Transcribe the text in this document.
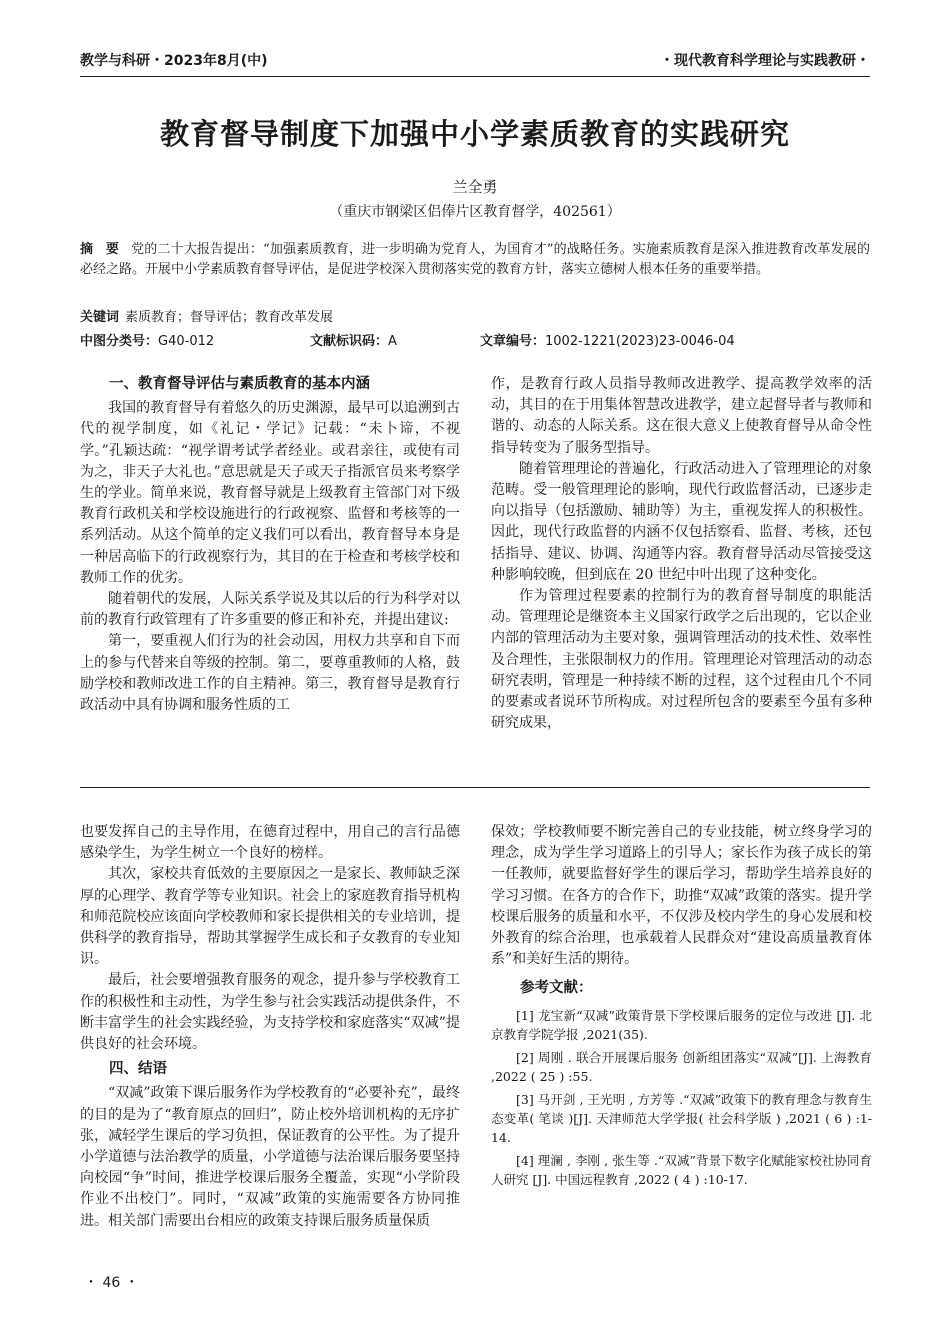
教学与科研・2023年8月(中)	・现代教育科学理论与实践教研・
教育督导制度下加强中小学素质教育的实践研究
兰全勇
（重庆市钢梁区侣俸片区教育督学，402561）
摘 要 党的二十大报告提出：“加强素质教育，进一步明确为党育人，为国育才”的战略任务。实施素质教育是深入推进教育改革发展的必经之路。开展中小学素质教育督导评估，是促进学校深入贯彻落实党的教育方针，落实立德树人根本任务的重要举措。
关键词 素质教育；督导评估；教育改革发展
中图分类号：G40-012	文献标识码：A	文章编号：1002-1221(2023)23-0046-04
一、教育督导评估与素质教育的基本内涵

我国的教育督导有着悠久的历史渊源，最早可以追溯到古代的视学制度，如《礼记・学记》记载：“未卜谛，不视学。”孔颖达疏：“视学谓考试学者经业。或君亲往，或使有司为之，非天子大礼也。”意思就是天子或天子指派官员来考察学生的学业。简单来说，教育督导就是上级教育主管部门对下级教育行政机关和学校设施进行的行政视察、监督和考核等的一系列活动。从这个简单的定义我们可以看出，教育督导本身是一种居高临下的行政视察行为，其目的在于检查和考核学校和教师工作的优劣。

随着朝代的发展，人际关系学说及其以后的行为科学对以前的教育行政管理有了许多重要的修正和补充，并提出建议:

第一，要重视人们行为的社会动因，用权力共享和自下而上的参与代替来自等级的控制。第二，要尊重教师的人格，鼓励学校和教师改进工作的自主精神。第三，教育督导是教育行政活动中具有协调和服务性质的工

作，是教育行政人员指导教师改进教学、提高教学效率的活动，其目的在于用集体智慧改进教学，建立起督导者与教师和谐的、动态的人际关系。这在很大意义上使教育督导从命令性指导转变为了服务型指导。

随着管理理论的普遍化，行政活动进入了管理理论的对象范畴。受一般管理理论的影响，现代行政监督活动，已逐步走向以指导（包括激励、辅助等）为主，重视发挥人的积极性。因此，现代行政监督的内涵不仅包括察看、监督、考核，还包括指导、建议、协调、沟通等内容。教育督导活动尽管接受这种影响较晚，但到底在 20 世纪中叶出现了这种变化。

作为管理过程要素的控制行为的教育督导制度的职能活动。管理理论是继资本主义国家行政学之后出现的，它以企业内部的管理活动为主要对象，强调管理活动的技术性、效率性及合理性，主张限制权力的作用。管理理论对管理活动的动态研究表明，管理是一种持续不断的过程，这个过程由几个不同的要素或者说环节所构成。对过程所包含的要素至今虽有多种研究成果，

也要发挥自己的主导作用，在德育过程中，用自己的言行品德感染学生，为学生树立一个良好的榜样。

其次，家校共育低效的主要原因之一是家长、教师缺乏深厚的心理学、教育学等专业知识。社会上的家庭教育指导机构和师范院校应该面向学校教师和家长提供相关的专业培训，提供科学的教育指导，帮助其掌握学生成长和子女教育的专业知识。

最后，社会要增强教育服务的观念，提升参与学校教育工作的积极性和主动性，为学生参与社会实践活动提供条件，不断丰富学生的社会实践经验，为支持学校和家庭落实“双减”提供良好的社会环境。

四、结语

“双减”政策下课后服务作为学校教育的“必要补充”，最终的目的是为了“教育原点的回归”，防止校外培训机构的无序扩张，减轻学生课后的学习负担，保证教育的公平性。为了提升小学道德与法治教学的质量，小学道德与法治课后服务要坚持向校园“争”时间，推进学校课后服务全覆盖，实现“小学阶段作业不出校门”。同时，“双减”政策的实施需要各方协同推进。相关部门需要出台相应的政策支持课后服务质量保质

保效；学校教师要不断完善自己的专业技能，树立终身学习的理念，成为学生学习道路上的引导人；家长作为孩子成长的第一任教师，就要监督好学生的课后学习，帮助学生培养良好的学习习惯。在各方的合作下，助推“双减”政策的落实。提升学校课后服务的质量和水平，不仅涉及校内学生的身心发展和校外教育的综合治理，也承载着人民群众对“建设高质量教育体系”和美好生活的期待。

参考文献：
[1] 龙宝新“双减”政策背景下学校课后服务的定位与改进 [J]. 北京教育学院学报 ,2021(35).
[2] 周刚 . 联合开展课后服务 创新组团落实“双减”[J]. 上海教育 ,2022 ( 25 ) :55.
[3] 马开剑 , 王光明 , 方芳等 .“双减”政策下的教育理念与教育生态变革( 笔谈 )[J]. 天津师范大学学报( 社会科学版 ) ,2021 ( 6 ) :1-14.
[4] 理澜 , 李刚 , 张生等 .“双减”背景下数字化赋能家校社协同育人研究 [J]. 中国远程教育 ,2022 ( 4 ) :10-17.
・ 46 ・
